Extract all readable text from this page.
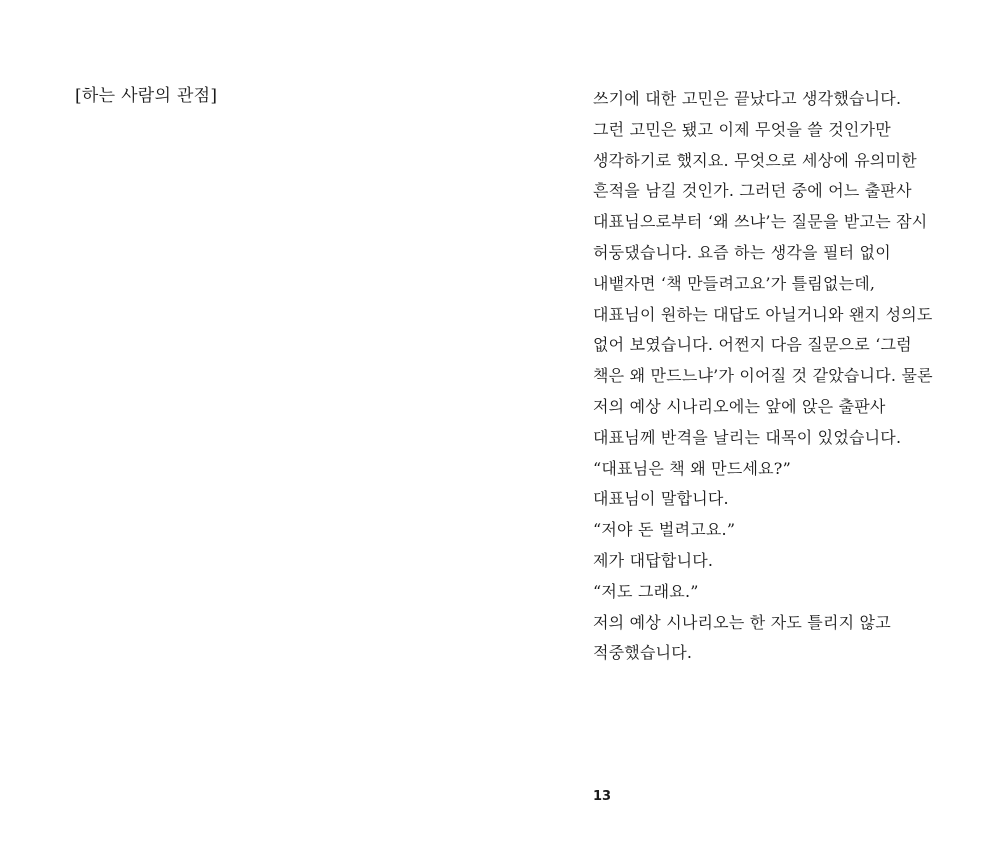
[하는 사람의 관점]	쓰기에 대한 고민은 끝났다고 생각했습니다.
그런 고민은 됐고 이제 무엇을 쓸 것인가만
생각하기로 했지요. 무엇으로 세상에 유의미한
흔적을 남길 것인가. 그러던 중에 어느 출판사
대표님으로부터 ‘왜 쓰냐’는 질문을 받고는 잠시
허둥댔습니다. 요즘 하는 생각을 필터 없이
내뱉자면 ‘책 만들려고요’가 틀림없는데,
대표님이 원하는 대답도 아닐거니와 왠지 성의도
없어 보였습니다. 어쩐지 다음 질문으로 ‘그럼
책은 왜 만드느냐’가 이어질 것 같았습니다. 물론
저의 예상 시나리오에는 앞에 앉은 출판사
대표님께 반격을 날리는 대목이 있었습니다.
“대표님은 책 왜 만드세요?”
대표님이 말합니다.
“저야 돈 벌려고요.”
제가 대답합니다.
“저도 그래요.”
저의 예상 시나리오는 한 자도 틀리지 않고
적중했습니다.
13
